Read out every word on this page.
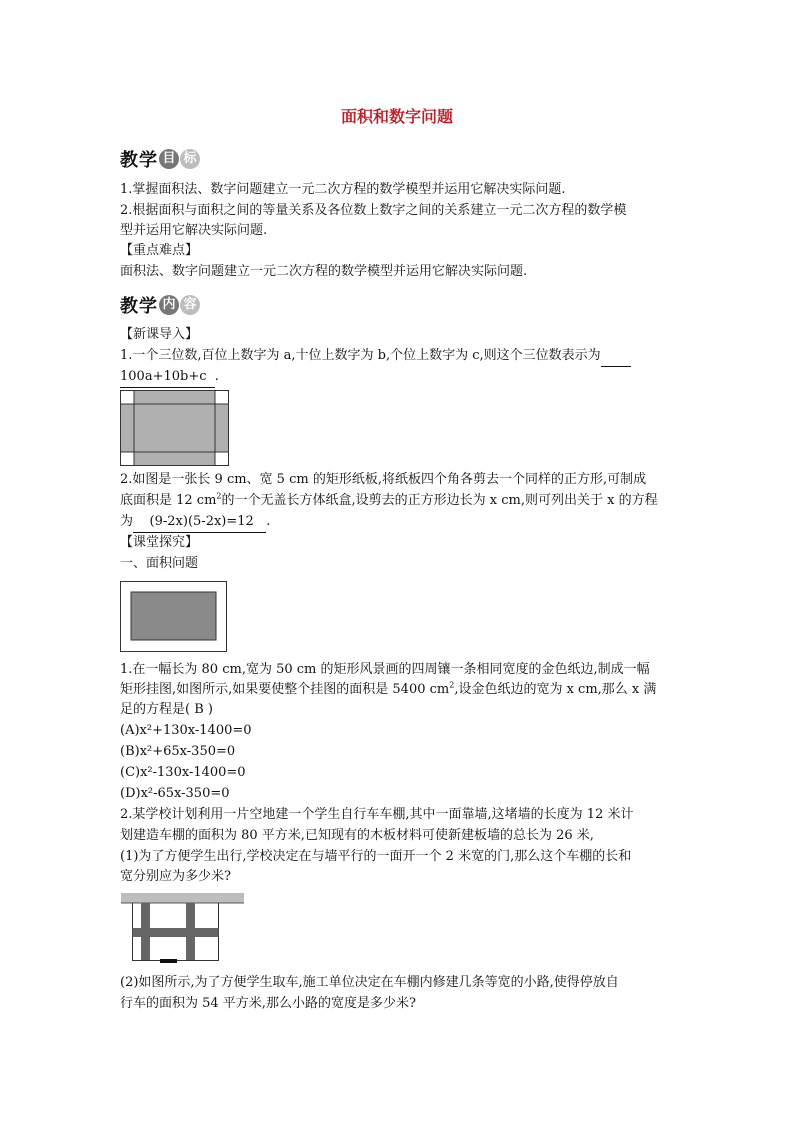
面积和数字问题
教学 目 标
1.掌握面积法、数字问题建立一元二次方程的数学模型并运用它解决实际问题.
2.根据面积与面积之间的等量关系及各位数上数字之间的关系建立一元二次方程的数学模
型并运用它解决实际问题.
【重点难点】
面积法、数字问题建立一元二次方程的数学模型并运用它解决实际问题.
教学 内 容
【新课导入】
1.一个三位数,百位上数字为 a,十位上数字为 b,个位上数字为 c,则这个三位数表示为
100a+10b+c .
2.如图是一张长 9 cm、宽 5 cm 的矩形纸板,将纸板四个角各剪去一个同样的正方形,可制成
底面积是 12 $cm^2$的一个无盖长方体纸盒,设剪去的正方形边长为 x cm,则可列出关于 x 的方程
为 (9-2x)(5-2x)=12 .
【课堂探究】
一、面积问题
1.在一幅长为 80 cm,宽为 50 cm 的矩形风景画的四周镶一条相同宽度的金色纸边,制成一幅
矩形挂图,如图所示,如果要使整个挂图的面积是 5400 $cm^2$,设金色纸边的宽为 x cm,那么 x 满
足的方程是( B )
(A)x²+130x-1400=0
(B)x²+65x-350=0
(C)x²-130x-1400=0
(D)x²-65x-350=0
2.某学校计划利用一片空地建一个学生自行车车棚,其中一面靠墙,这堵墙的长度为 12 米计
划建造车棚的面积为 80 平方米,已知现有的木板材料可使新建板墙的总长为 26 米,
(1)为了方便学生出行,学校决定在与墙平行的一面开一个 2 米宽的门,那么这个车棚的长和
宽分别应为多少米?
(2)如图所示,为了方便学生取车,施工单位决定在车棚内修建几条等宽的小路,使得停放自
行车的面积为 54 平方米,那么小路的宽度是多少米?
